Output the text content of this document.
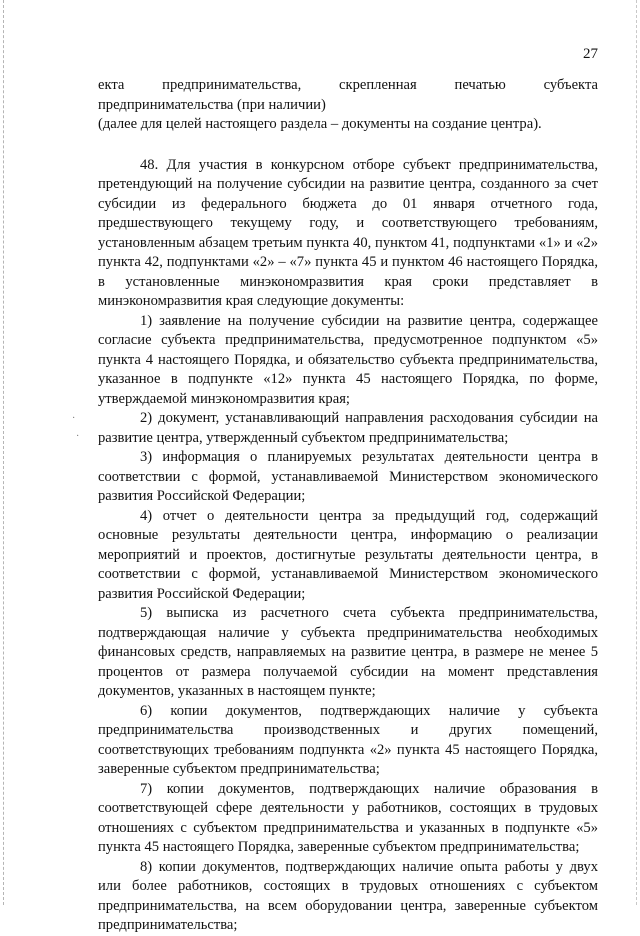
·
·
27

екта предпринимательства, скрепленная печатью субъекта предпринимательства (при наличии)

(далее для целей настоящего раздела – документы на создание центра).

48. Для участия в конкурсном отборе субъект предпринимательства, претендующий на получение субсидии на развитие центра, созданного за счет субсидии из федерального бюджета до 01 января отчетного года, предшествующего текущему году, и соответствующего требованиям, установленным абзацем третьим пункта 40, пунктом 41, подпунктами «1» и «2» пункта 42, подпунктами «2» – «7» пункта 45 и пунктом 46 настоящего Порядка, в установленные минэкономразвития края сроки представляет в минэкономразвития края следующие документы:

1) заявление на получение субсидии на развитие центра, содержащее согласие субъекта предпринимательства, предусмотренное подпунктом «5» пункта 4 настоящего Порядка, и обязательство субъекта предпринимательства, указанное в подпункте «12» пункта 45 настоящего Порядка, по форме, утверждаемой минэкономразвития края;

2) документ, устанавливающий направления расходования субсидии на развитие центра, утвержденный субъектом предпринимательства;

3) информация о планируемых результатах деятельности центра в соответствии с формой, устанавливаемой Министерством экономического развития Российской Федерации;

4) отчет о деятельности центра за предыдущий год, содержащий основные результаты деятельности центра, информацию о реализации мероприятий и проектов, достигнутые результаты деятельности центра, в соответствии с формой, устанавливаемой Министерством экономического развития Российской Федерации;

5) выписка из расчетного счета субъекта предпринимательства, подтверждающая наличие у субъекта предпринимательства необходимых финансовых средств, направляемых на развитие центра, в размере не менее 5 процентов от размера получаемой субсидии на момент представления документов, указанных в настоящем пункте;

6) копии документов, подтверждающих наличие у субъекта предпринимательства производственных и других помещений, соответствующих требованиям подпункта «2» пункта 45 настоящего Порядка, заверенные субъектом предпринимательства;

7) копии документов, подтверждающих наличие образования в соответствующей сфере деятельности у работников, состоящих в трудовых отношениях с субъектом предпринимательства и указанных в подпункте «5» пункта 45 настоящего Порядка, заверенные субъектом предпринимательства;

8) копии документов, подтверждающих наличие опыта работы у двух или более работников, состоящих в трудовых отношениях с субъектом предпринимательства, на всем оборудовании центра, заверенные субъектом предпринимательства;
